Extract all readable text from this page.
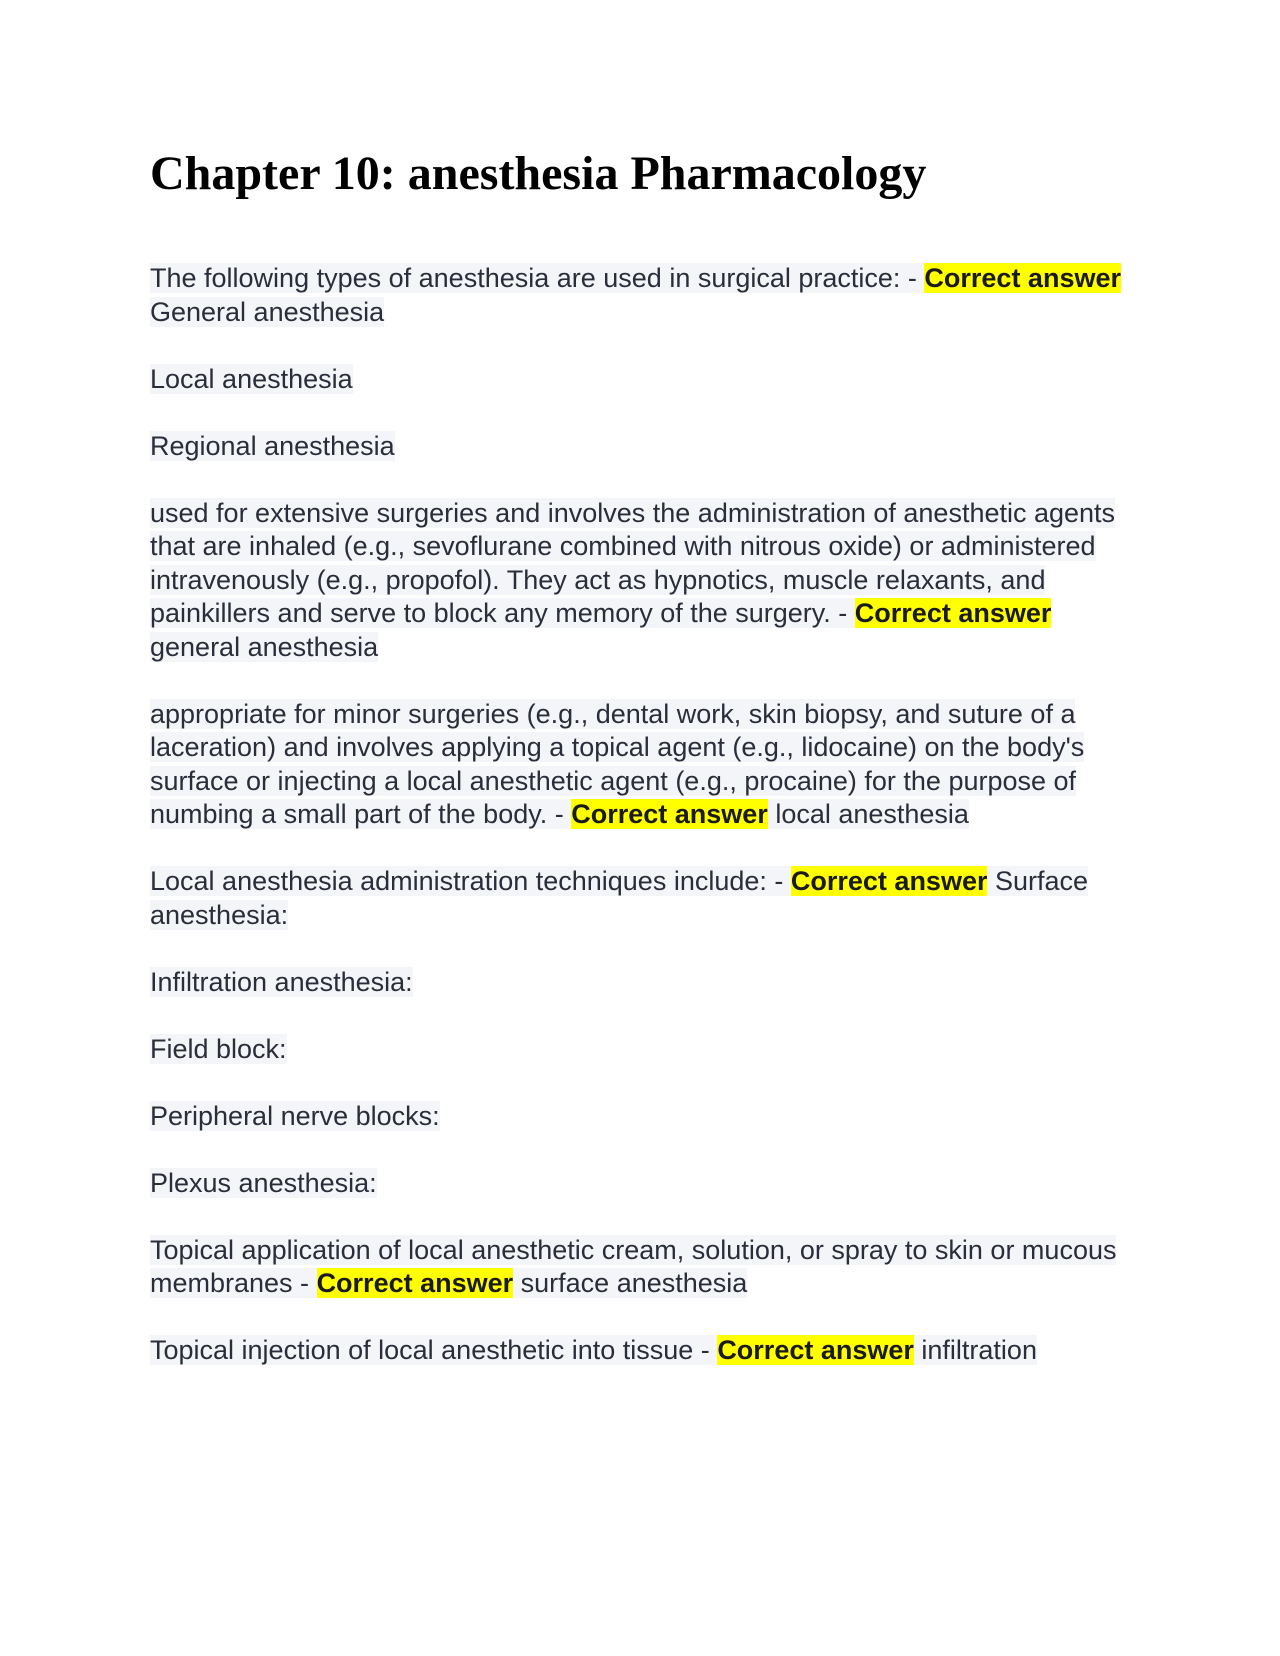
Chapter 10: anesthesia Pharmacology

The following types of anesthesia are used in surgical practice: - Correct answer General anesthesia

Local anesthesia

Regional anesthesia

used for extensive surgeries and involves the administration of anesthetic agents that are inhaled (e.g., sevoflurane combined with nitrous oxide) or administered intravenously (e.g., propofol). They act as hypnotics, muscle relaxants, and painkillers and serve to block any memory of the surgery. - Correct answer general anesthesia

appropriate for minor surgeries (e.g., dental work, skin biopsy, and suture of a laceration) and involves applying a topical agent (e.g., lidocaine) on the body's surface or injecting a local anesthetic agent (e.g., procaine) for the purpose of numbing a small part of the body. - Correct answer local anesthesia

Local anesthesia administration techniques include: - Correct answer Surface anesthesia:

Infiltration anesthesia:

Field block:

Peripheral nerve blocks:

Plexus anesthesia:

Topical application of local anesthetic cream, solution, or spray to skin or mucous membranes - Correct answer surface anesthesia

Topical injection of local anesthetic into tissue - Correct answer infiltration
